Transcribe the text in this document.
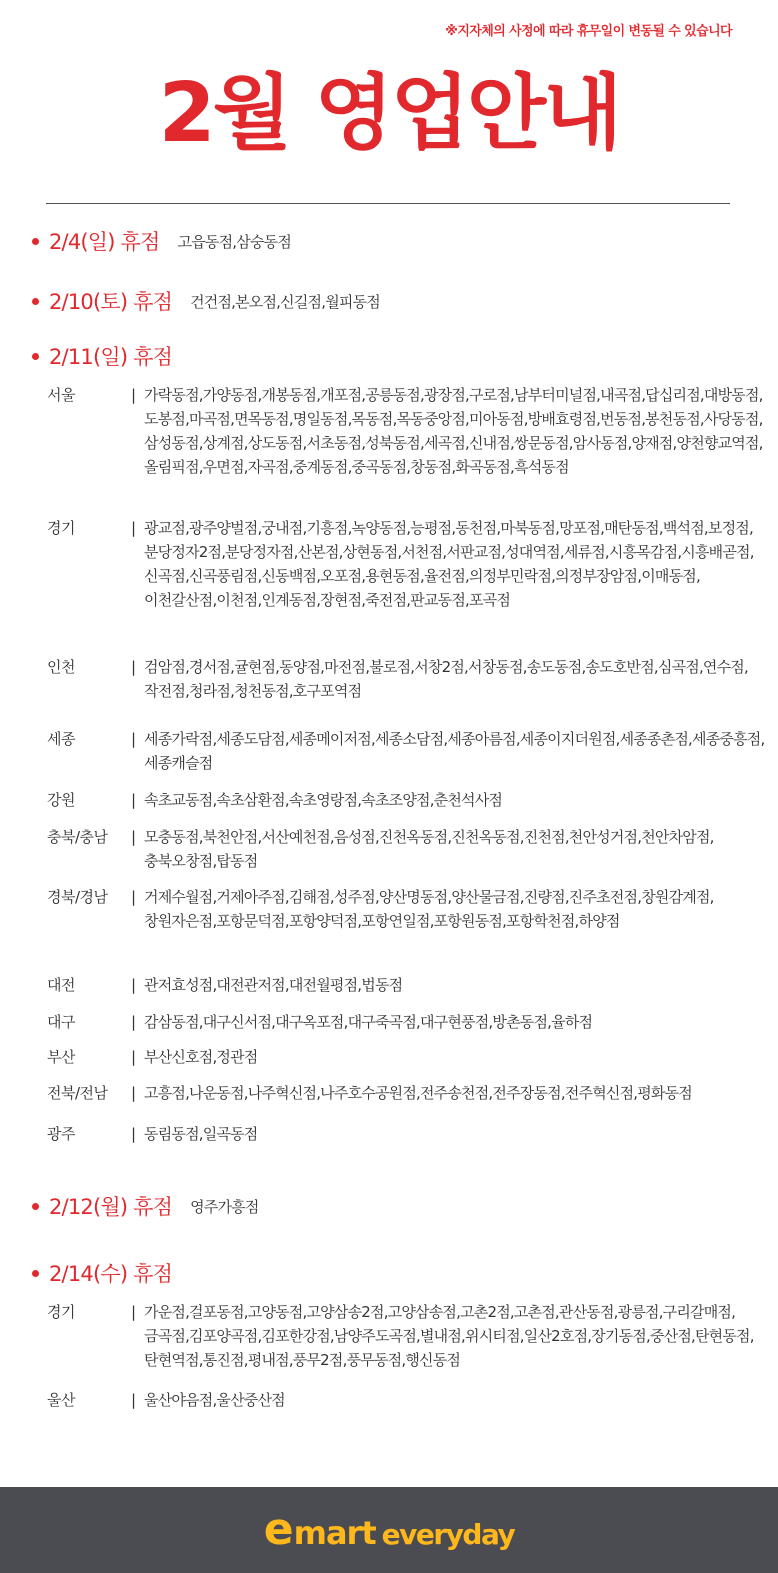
※지자체의 사정에 따라 휴무일이 변동될 수 있습니다
2월 영업안내
2/4(일) 휴점 고읍동점,삼숭동점
2/10(토) 휴점 건건점,본오점,신길점,월피동점
2/11(일) 휴점
서울	| 가락동점,가양동점,개봉동점,개포점,공릉동점,광장점,구로점,남부터미널점,내곡점,답십리점,대방동점,도봉점,마곡점,면목동점,명일동점,목동점,목동중앙점,미아동점,방배효령점,번동점,봉천동점,사당동점,삼성동점,상계점,상도동점,서초동점,성북동점,세곡점,신내점,쌍문동점,암사동점,양재점,양천향교역점,올림픽점,우면점,자곡점,중계동점,중곡동점,창동점,화곡동점,흑석동점
경기	| 광교점,광주양벌점,궁내점,기흥점,녹양동점,능평점,동천점,마북동점,망포점,매탄동점,백석점,보정점,분당정자2점,분당정자점,산본점,상현동점,서천점,서판교점,성대역점,세류점,시흥목감점,시흥배곧점,신곡점,신곡풍림점,신동백점,오포점,용현동점,율전점,의정부민락점,의정부장암점,이매동점,이천갈산점,이천점,인계동점,장현점,죽전점,판교동점,포곡점
인천	| 검암점,경서점,귤현점,동양점,마전점,불로점,서창2점,서창동점,송도동점,송도호반점,심곡점,연수점,작전점,청라점,청천동점,호구포역점
세종	| 세종가락점,세종도담점,세종메이저점,세종소담점,세종아름점,세종이지더원점,세종종촌점,세종중흥점,세종캐슬점
강원	| 속초교동점,속초삼환점,속초영랑점,속초조양점,춘천석사점
충북/충남	| 모충동점,북천안점,서산예천점,음성점,진천옥동점,진천옥동점,진천점,천안성거점,천안차암점,충북오창점,탑동점
경북/경남	| 거제수월점,거제아주점,김해점,성주점,양산명동점,양산물금점,진량점,진주초전점,창원감계점,창원자은점,포항문덕점,포항양덕점,포항연일점,포항원동점,포항학천점,하양점
대전	| 관저효성점,대전관저점,대전월평점,법동점
대구	| 감삼동점,대구신서점,대구옥포점,대구죽곡점,대구현풍점,방촌동점,율하점
부산	| 부산신호점,정관점
전북/전남	| 고흥점,나운동점,나주혁신점,나주호수공원점,전주송천점,전주장동점,전주혁신점,평화동점
광주	| 동림동점,일곡동점
2/12(월) 휴점 영주가흥점
2/14(수) 휴점
경기	| 가운점,걸포동점,고양동점,고양삼송2점,고양삼송점,고촌2점,고촌점,관산동점,광릉점,구리갈매점,금곡점,김포양곡점,김포한강점,남양주도곡점,별내점,위시티점,일산2호점,장기동점,중산점,탄현동점,탄현역점,통진점,평내점,풍무2점,풍무동점,행신동점
울산	| 울산야음점,울산중산점
e mart everyday
